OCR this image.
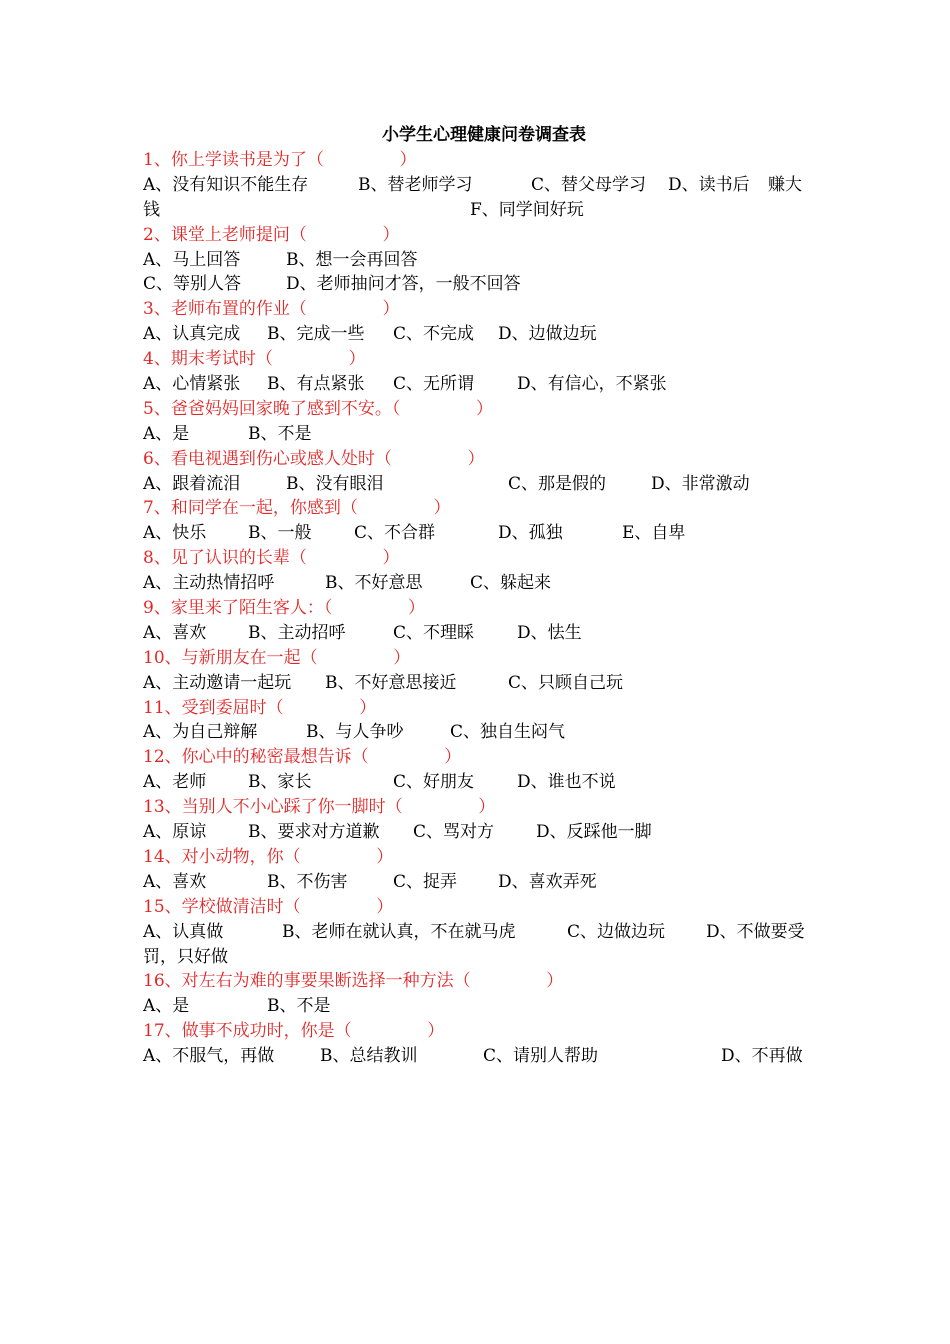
小学生心理健康问卷调查表
1、你上学读书是为了（              ）
A、没有知识不能生存	B、替老师学习	C、替父母学习 D、读书后 赚大
钱	F、同学间好玩
2、课堂上老师提问（              ）
A、马上回答	B、想一会再回答
C、等别人答	D、老师抽问才答，一般不回答
3、老师布置的作业（              ）
A、认真完成 B、完成一些 C、不完成 D、边做边玩
4、期末考试时（              ）
A、心情紧张 B、有点紧张 C、无所谓	D、有信心，不紧张
5、爸爸妈妈回家晚了感到不安。（              ）
A、是	B、不是
6、看电视遇到伤心或感人处时（              ）
A、跟着流泪	B、没有眼泪	C、那是假的	D、非常激动
7、和同学在一起，你感到（              ）
A、快乐 B、一般	C、不合群	D、孤独	E、自卑
8、见了认识的长辈（              ）
A、主动热情招呼	B、不好意思	C、躲起来
9、家里来了陌生客人：（              ）
A、喜欢 B、主动招呼	C、不理睬	D、怯生
10、与新朋友在一起（              ）
A、主动邀请一起玩 B、不好意思接近	C、只顾自己玩
11、受到委屈时（              ）
A、为自己辩解	B、与人争吵	C、独自生闷气
12、你心中的秘密最想告诉（              ）
A、老师 B、家长	C、好朋友	D、谁也不说
13、当别人不小心踩了你一脚时（              ）
A、原谅 B、要求对方道歉 C、骂对方 D、反踩他一脚
14、对小动物，你（              ）
A、喜欢	B、不伤害	C、捉弄 D、喜欢弄死
15、学校做清洁时（              ）
A、认真做	B、老师在就认真，不在就马虎	C、边做边玩 D、不做要受
罚，只好做
16、对左右为难的事要果断选择一种方法（              ）
A、是	B、不是
17、做事不成功时，你是（              ）
A、不服气，再做	B、总结教训	C、请别人帮助	D、不再做
